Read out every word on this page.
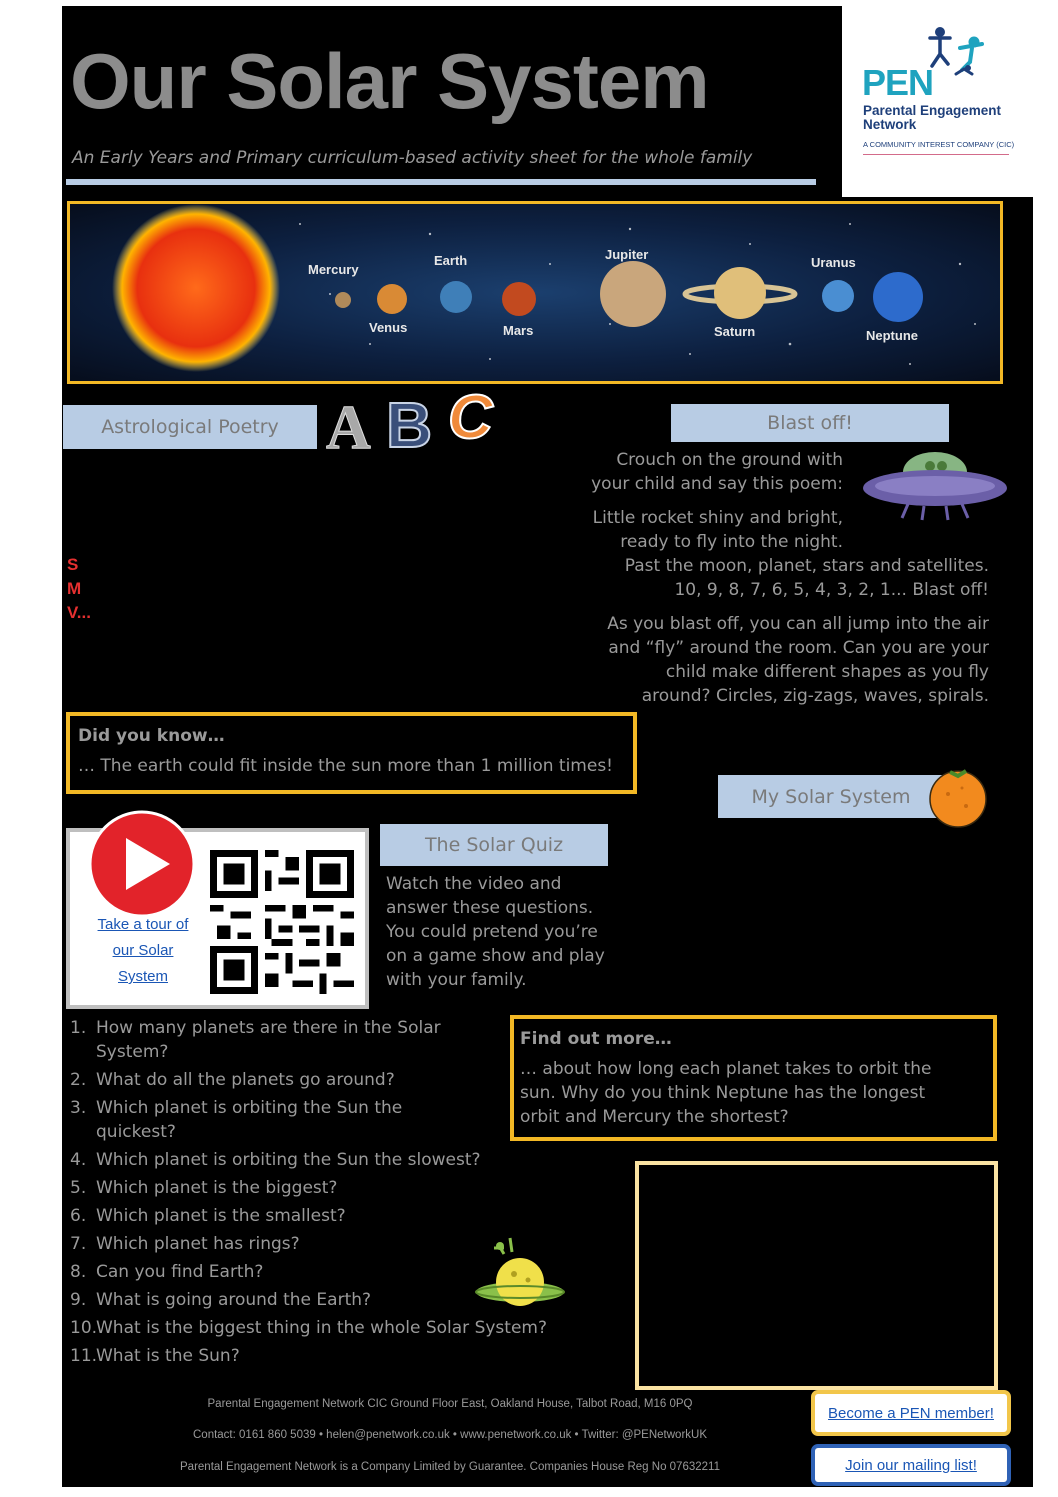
Our Solar System
An Early Years and Primary curriculum-based activity sheet for the whole family
PEN
Parental Engagement
Network
A COMMUNITY INTEREST COMPANY (CIC)
Mercury
Venus
Earth
Mars
Jupiter
Saturn
Uranus
Neptune
Astrological Poetry A B C
S
M
V...
Blast off!
Crouch on the ground with
your child and say this poem:
Little rocket shiny and bright,
ready to fly into the night.
Past the moon, planet, stars and satellites.
10, 9, 8, 7, 6, 5, 4, 3, 2, 1... Blast off!
As you blast off, you can all jump into the air
and “fly” around the room. Can you are your
child make different shapes as you fly
around? Circles, zig-zags, waves, spirals.
Did you know…
… The earth could fit inside the sun more than 1 million times!
My Solar System
Take a tour of
our Solar
System
The Solar Quiz
Watch the video and
answer these questions.
You could pretend you’re
on a game show and play
with your family.
1. How many planets are there in the Solar
System?
2. What do all the planets go around?
3. Which planet is orbiting the Sun the
quickest?
4. Which planet is orbiting the Sun the slowest?
5. Which planet is the biggest?
6. Which planet is the smallest?
7. Which planet has rings?
8. Can you find Earth?
9. What is going around the Earth?
10.
What is the biggest thing in the whole Solar System?
11.
What is the Sun?
Find out more…
… about how long each planet takes to orbit the
sun. Why do you think Neptune has the longest
orbit and Mercury the shortest?
Parental Engagement Network CIC Ground Floor East, Oakland House, Talbot Road, M16 0PQ
Contact: 0161 860 5039 • helen@penetwork.co.uk • www.penetwork.co.uk • Twitter: @PENetworkUK
Parental Engagement Network is a Company Limited by Guarantee. Companies House Reg No 07632211
Become a PEN member!
Join our mailing list!
